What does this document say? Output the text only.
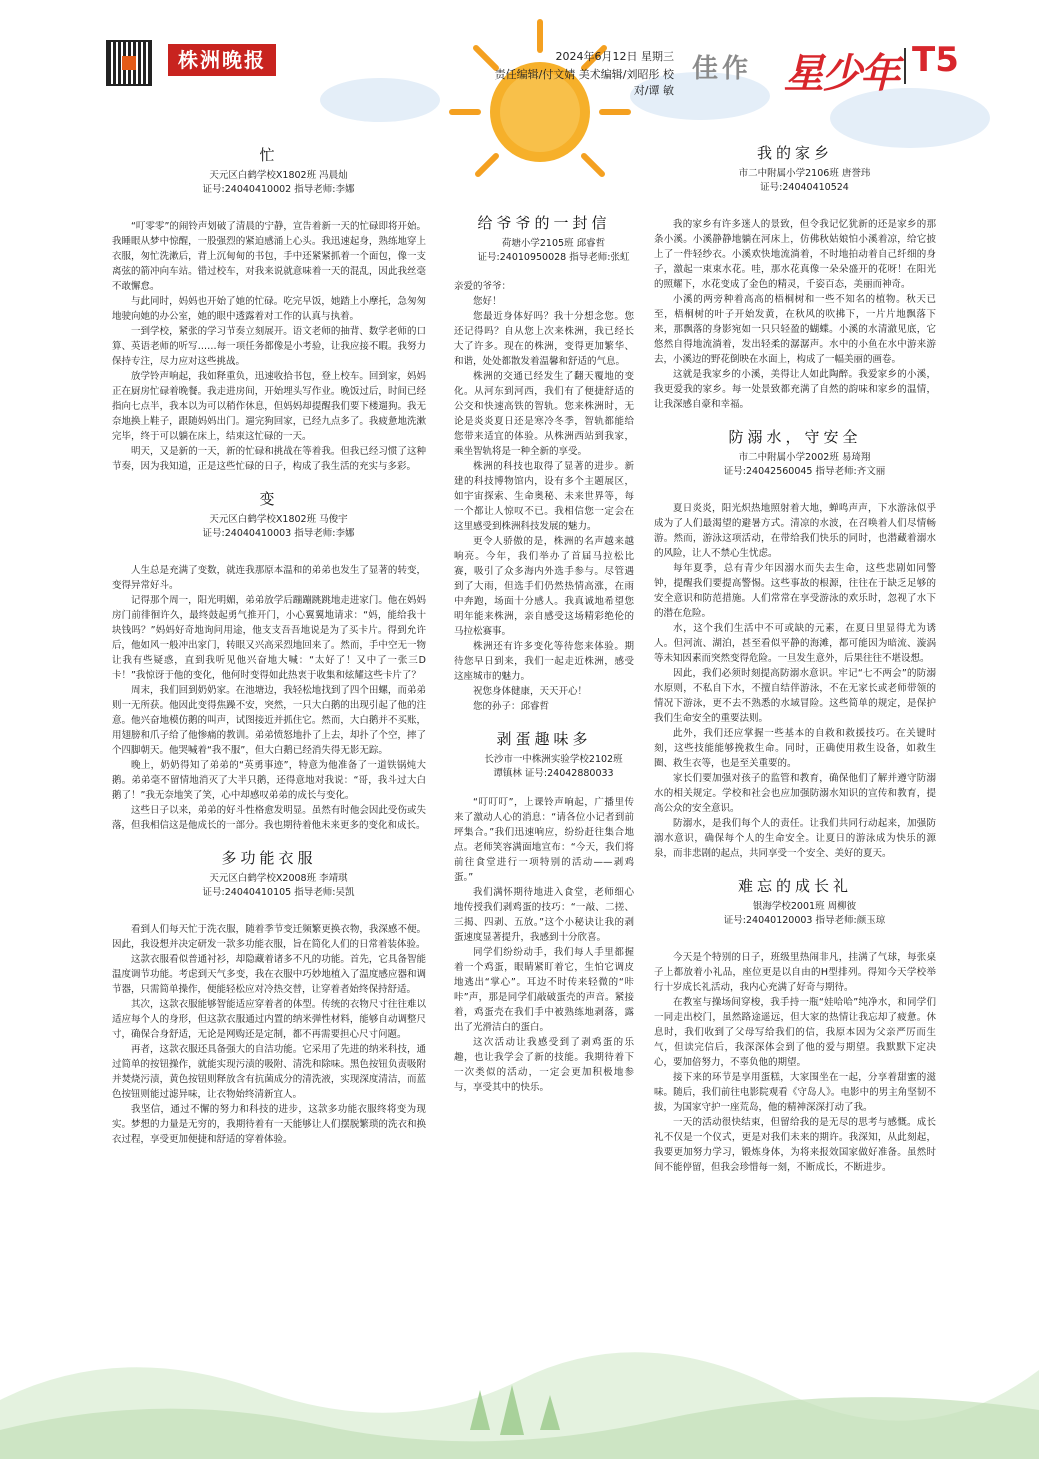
株洲晚报	2024年6月12日 星期三
责任编辑/付文婧 美术编辑/刘昭彤 校对/谭 敏
佳作 星少年 T5
忙

天元区白鹤学校X1802班 冯晨灿

证号:24040410002 指导老师:李娜

“叮零零”的闹铃声划破了清晨的宁静，宣告着新一天的忙碌即将开始。我睡眼从梦中惊醒，一股强烈的紧迫感涌上心头。我迅速起身，熟练地穿上衣服，匆忙洗漱后，背上沉甸甸的书包，手中还紧紧抓着一个面包，像一支离弦的箭冲向车站。错过校车，对我来说就意味着一天的混乱，因此我丝毫不敢懈怠。

与此同时，妈妈也开始了她的忙碌。吃完早饭，她踏上小摩托，急匆匆地驶向她的办公室，她的眼中透露着对工作的认真与执着。

一到学校，紧张的学习节奏立刻展开。语文老师的抽背、数学老师的口算、英语老师的听写……每一项任务都像是小考验，让我应接不暇。我努力保持专注，尽力应对这些挑战。

放学铃声响起，我如释重负，迅速收拾书包，登上校车。回到家，妈妈正在厨房忙碌着晚餐。我走进房间，开始埋头写作业。晚饭过后，时间已经指向七点半，我本以为可以稍作休息，但妈妈却提醒我们要下楼遛狗。我无奈地换上鞋子，跟随妈妈出门。遛完狗回家，已经九点多了。我疲惫地洗漱完毕，终于可以躺在床上，结束这忙碌的一天。

明天，又是新的一天，新的忙碌和挑战在等着我。但我已经习惯了这种节奏，因为我知道，正是这些忙碌的日子，构成了我生活的充实与多彩。

变

天元区白鹤学校X1802班 马俊宇

证号:24040410003 指导老师:李娜

人生总是充满了变数，就连我那原本温和的弟弟也发生了显著的转变，变得异常好斗。

记得那个周一，阳光明媚，弟弟放学后蹦蹦跳跳地走进家门。他在妈妈房门前徘徊许久，最终鼓起勇气推开门，小心翼翼地请求：“妈，能给我十块钱吗？”妈妈好奇地询问用途，他支支吾吾地说是为了买卡片。得到允许后，他如风一般冲出家门，转眼又兴高采烈地回来了。然而，手中空无一物让我有些疑惑，直到我听见他兴奋地大喊：“太好了！又中了一张三D卡！”我惊讶于他的变化，他何时变得如此热衷于收集和炫耀这些卡片了？

周末，我们回到奶奶家。在池塘边，我轻松地找到了四个田螺，而弟弟则一无所获。他因此变得焦躁不安，突然，一只大白鹅的出现引起了他的注意。他兴奋地模仿鹅的叫声，试图接近并抓住它。然而，大白鹅并不买账，用翅膀和爪子给了他惨痛的教训。弟弟愤怒地扑了上去，却扑了个空，摔了个四脚朝天。他哭喊着“我不服”，但大白鹅已经消失得无影无踪。

晚上，奶奶得知了弟弟的“英勇事迹”，特意为他准备了一道铁锅炖大鹅。弟弟毫不留情地消灭了大半只鹅，还得意地对我说：“哥，我斗过大白鹅了！”我无奈地笑了笑，心中却感叹弟弟的成长与变化。

这些日子以来，弟弟的好斗性格愈发明显。虽然有时他会因此受伤或失落，但我相信这是他成长的一部分。我也期待着他未来更多的变化和成长。

多功能衣服

天元区白鹤学校X2008班 李靖琪

证号:24040410105 指导老师:吴凯

看到人们每天忙于洗衣服，随着季节变迁频繁更换衣物，我深感不便。因此，我设想并决定研发一款多功能衣服，旨在简化人们的日常着装体验。

这款衣服看似普通衬衫，却隐藏着诸多不凡的功能。首先，它具备智能温度调节功能。考虑到天气多变，我在衣服中巧妙地植入了温度感应器和调节器，只需简单操作，便能轻松应对冷热交替，让穿着者始终保持舒适。

其次，这款衣服能够智能适应穿着者的体型。传统的衣物尺寸往往难以适应每个人的身形，但这款衣服通过内置的纳米弹性材料，能够自动调整尺寸，确保合身舒适，无论是网购还是定制，都不再需要担心尺寸问题。

再者，这款衣服还具备强大的自洁功能。它采用了先进的纳米科技，通过简单的按钮操作，就能实现污渍的吸附、清洗和除味。黑色按钮负责吸附并焚烧污渍，黄色按钮则释放含有抗菌成分的清洗液，实现深度清洁，而蓝色按钮则能过滤异味，让衣物始终清新宜人。

我坚信，通过不懈的努力和科技的进步，这款多功能衣服终将变为现实。梦想的力量是无穷的，我期待着有一天能够让人们摆脱繁琐的洗衣和换衣过程，享受更加便捷和舒适的穿着体验。

给爷爷的一封信

荷塘小学2105班 邱睿哲

证号:24010950028 指导老师:张虹

亲爱的爷爷：

您好！

您最近身体好吗？我十分想念您。您还记得吗？自从您上次来株洲，我已经长大了许多。现在的株洲，变得更加繁华、和谐，处处都散发着温馨和舒适的气息。

株洲的交通已经发生了翻天覆地的变化。从河东到河西，我们有了便捷舒适的公交和快速高铁的智轨。您来株洲时，无论是炎炎夏日还是寒冷冬季，智轨都能给您带来适宜的体验。从株洲西站到我家，乘坐智轨将是一种全新的享受。

株洲的科技也取得了显著的进步。新建的科技博物馆内，设有多个主题展区，如宇宙探索、生命奥秘、未来世界等，每一个都让人惊叹不已。我相信您一定会在这里感受到株洲科技发展的魅力。

更令人骄傲的是，株洲的名声越来越响亮。今年，我们举办了首届马拉松比赛，吸引了众多海内外选手参与。尽管遇到了大雨，但选手们仍然热情高涨，在雨中奔跑，场面十分感人。我真诚地希望您明年能来株洲，亲自感受这场精彩绝伦的马拉松赛事。

株洲还有许多变化等待您来体验。期待您早日到来，我们一起走近株洲，感受这座城市的魅力。

祝您身体健康，天天开心！

您的孙子：邱睿哲

剥蛋趣味多

长沙市一中株洲实验学校2102班

谭镇林 证号:24042880033

“叮叮叮”，上课铃声响起，广播里传来了激动人心的消息：“请各位小记者到前坪集合。”我们迅速响应，纷纷赶往集合地点。老师笑容满面地宣布：“今天，我们将前往食堂进行一项特别的活动——剥鸡蛋。”

我们满怀期待地进入食堂，老师细心地传授我们剥鸡蛋的技巧：“一敲、二搓、三揭、四剥、五放。”这个小秘诀让我的剥蛋速度显著提升，我感到十分欣喜。

同学们纷纷动手，我们每人手里都握着一个鸡蛋，眼睛紧盯着它，生怕它调皮地逃出“掌心”。耳边不时传来轻微的“咔咔”声，那是同学们敲破蛋壳的声音。紧接着，鸡蛋壳在我们手中被熟练地剥落，露出了光滑洁白的蛋白。

这次活动让我感受到了剥鸡蛋的乐趣，也让我学会了新的技能。我期待着下一次类似的活动，一定会更加积极地参与，享受其中的快乐。

我的家乡

市二中附属小学2106班 唐誉玮

证号:24040410524

我的家乡有许多迷人的景致，但令我记忆犹新的还是家乡的那条小溪。小溪静静地躺在河床上，仿佛秋姑娘怕小溪着凉，给它披上了一件轻纱衣。小溪欢快地流淌着，不时地拍动着自己纤细的身子，激起一束束水花。哇，那水花真像一朵朵盛开的花呀！在阳光的照耀下，水花变成了金色的精灵，千姿百态，美丽而神奇。

小溪的两旁种着高高的梧桐树和一些不知名的植物。秋天已至，梧桐树的叶子开始发黄，在秋风的吹拂下，一片片地飘落下来，那飘落的身影宛如一只只轻盈的蝴蝶。小溪的水清澈见底，它悠然自得地流淌着，发出轻柔的潺潺声。水中的小鱼在水中游来游去，小溪边的野花倒映在水面上，构成了一幅美丽的画卷。

这就是我家乡的小溪，美得让人如此陶醉。我爱家乡的小溪，我更爱我的家乡。每一处景致都充满了自然的韵味和家乡的温情，让我深感自豪和幸福。

防溺水，守安全

市二中附属小学2002班 易琦翔

证号:24042560045 指导老师:齐文丽

夏日炎炎，阳光炽热地照射着大地，蝉鸣声声，下水游泳似乎成为了人们最渴望的避暑方式。清凉的水波，在召唤着人们尽情畅游。然而，游泳这项活动，在带给我们快乐的同时，也潜藏着溺水的风险，让人不禁心生忧虑。

每年夏季，总有青少年因溺水而失去生命，这些悲剧如同警钟，提醒我们要提高警惕。这些事故的根源，往往在于缺乏足够的安全意识和防范措施。人们常常在享受游泳的欢乐时，忽视了水下的潜在危险。

水，这个我们生活中不可或缺的元素，在夏日里显得尤为诱人。但河流、湖泊，甚至看似平静的海滩，都可能因为暗流、漩涡等未知因素而突然变得危险。一旦发生意外，后果往往不堪设想。

因此，我们必须时刻提高防溺水意识。牢记“七不两会”的防溺水原则，不私自下水，不擅自结伴游泳，不在无家长或老师带领的情况下游泳，更不去不熟悉的水域冒险。这些简单的规定，是保护我们生命安全的重要法则。

此外，我们还应掌握一些基本的自救和救援技巧。在关键时刻，这些技能能够挽救生命。同时，正确使用救生设备，如救生圈、救生衣等，也是至关重要的。

家长们要加强对孩子的监管和教育，确保他们了解并遵守防溺水的相关规定。学校和社会也应加强防溺水知识的宣传和教育，提高公众的安全意识。

防溺水，是我们每个人的责任。让我们共同行动起来，加强防溺水意识，确保每个人的生命安全。让夏日的游泳成为快乐的源泉，而非悲剧的起点，共同享受一个安全、美好的夏天。

难忘的成长礼

银海学校2001班 周柳彼

证号:24040120003 指导老师:颜玉琼

今天是个特别的日子，班级里热闹非凡，挂满了气球，每张桌子上都放着小礼品，座位更是以自由的H型排列。得知今天学校举行十岁成长礼活动，我内心充满了好奇与期待。

在教室与操场间穿梭，我手持一瓶“娃哈哈”纯净水，和同学们一同走出校门，虽然路途遥远，但大家的热情让我忘却了疲惫。休息时，我们收到了父母写给我们的信，我原本因为父亲严厉而生气，但读完信后，我深深体会到了他的爱与期望。我默默下定决心，要加倍努力，不辜负他的期望。

接下来的环节是享用蛋糕，大家围坐在一起，分享着甜蜜的滋味。随后，我们前往电影院观看《守岛人》。电影中的男主角坚韧不拔，为国家守护一座荒岛，他的精神深深打动了我。

一天的活动很快结束，但留给我的是无尽的思考与感慨。成长礼不仅是一个仪式，更是对我们未来的期许。我深知，从此刻起，我要更加努力学习，锻炼身体，为将来报效国家做好准备。虽然时间不能停留，但我会珍惜每一刻，不断成长，不断进步。
